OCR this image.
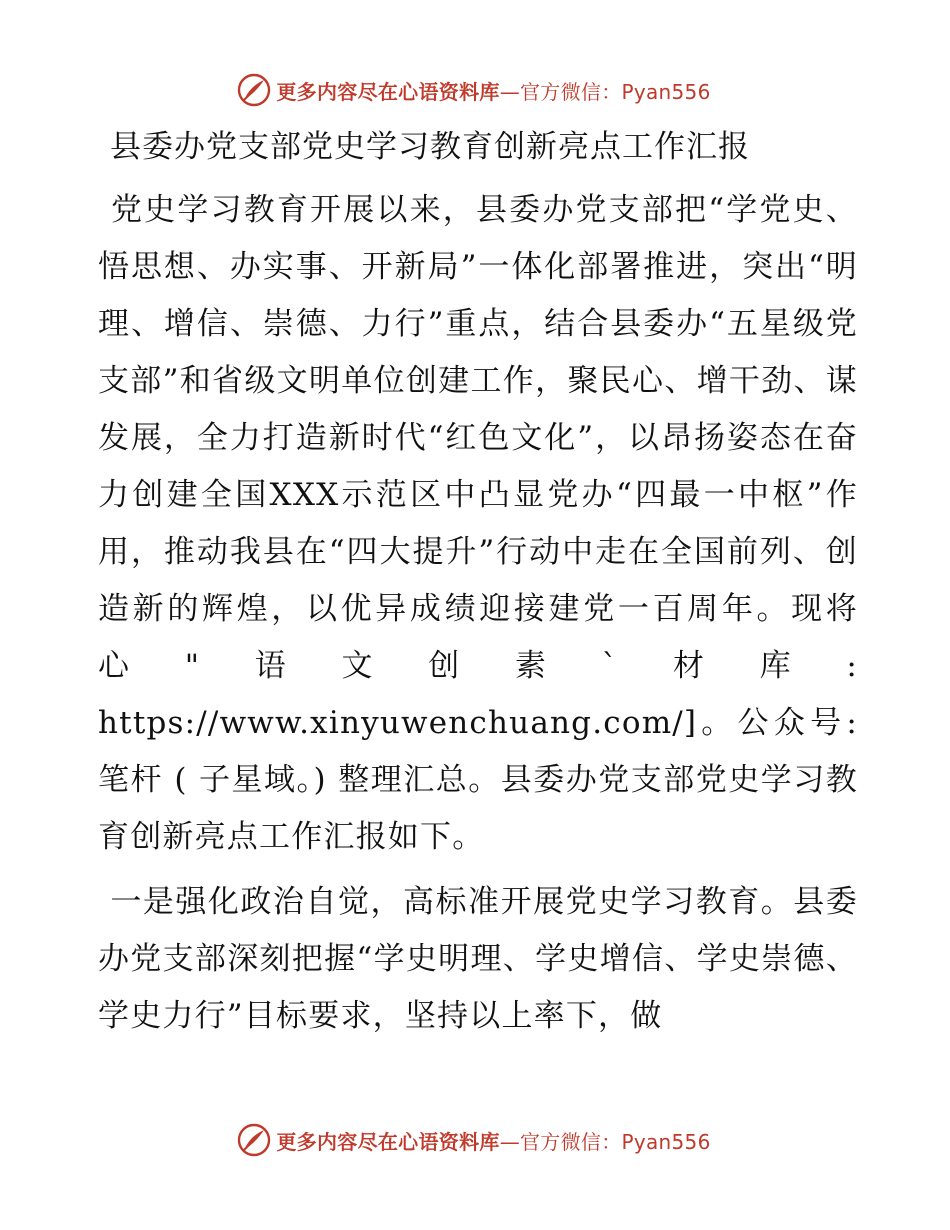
更多内容尽在心语资料库—官方微信：Pyan556
县委办党支部党史学习教育创新亮点工作汇报

党史学习教育开展以来，县委办党支部把“学党史、悟思想、办实事、开新局”一体化部署推进，突出“明理、增信、崇德、力行”重点，结合县委办“五星级党支部”和省级文明单位创建工作，聚民心、增干劲、谋发展，全力打造新时代“红色文化”，以昂扬姿态在奋力创建全国XXX示范区中凸显党办“四最一中枢”作用，推动我县在“四大提升”行动中走在全国前列、创造新的辉煌，以优异成绩迎接建党一百周年。现将心"语文创素`材库: https://www.xinyuwenchuang.com/]。公众号: 笔杆 ( 子星域。) 整理汇总。县委办党支部党史学习教育创新亮点工作汇报如下。

一是强化政治自觉，高标准开展党史学习教育。县委办党支部深刻把握“学史明理、学史增信、学史崇德、学史力行”目标要求，坚持以上率下，做

更多内容尽在心语资料库—官方微信：Pyan556
